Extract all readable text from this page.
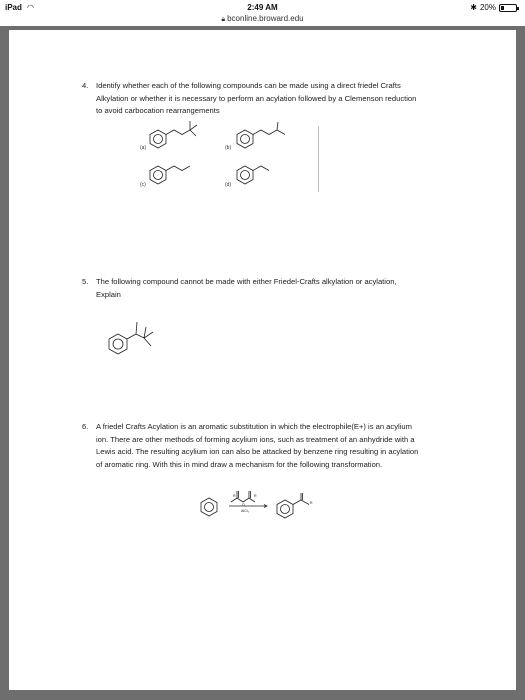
iPad ◠	2:49 AM	✱ 20%
🔒︎ bconline.broward.edu
4. Identify whether each of the following compounds can be made using a direct friedel Crafts
Alkylation or whether it is necessary to perform an acylation followed by a Clemenson reduction
to avoid carbocation rearrangements
(a)	(b)
(c)	(d)
5. The following compound cannot be made with either Friedel-Crafts alkylation or acylation,
Explain
6. A friedel Crafts Acylation is an aromatic substitution in which the electrophile(E+) is an acylium
ion. There are other methods of forming acylium ions, such as treatment of an anhydride with a
Lewis acid. The resulting acylium ion can also be attacked by benzene ring resulting in acylation
of aromatic ring. With this in mind draw a mechanism for the following transformation.
R
O
R
R
AlCl₃
